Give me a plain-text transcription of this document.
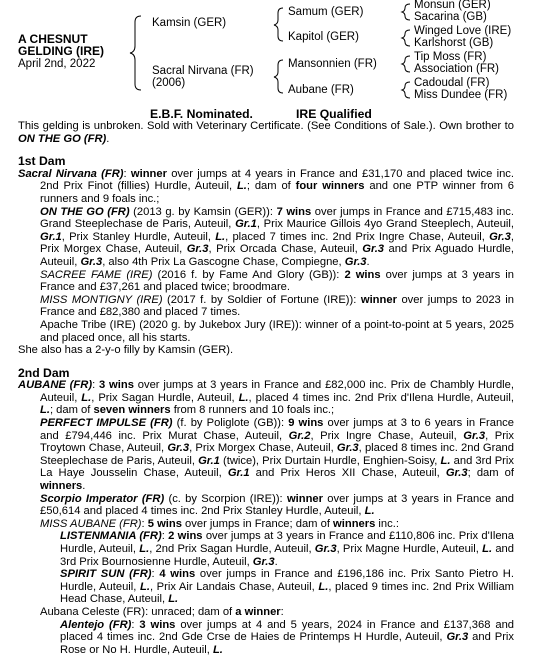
A CHESNUT
GELDING (IRE)
April 2nd, 2022
Kamsin (GER)
Sacral Nirvana (FR)
(2006)
Samum (GER)
Kapitol (GER)
Mansonnien (FR)
Aubane (FR)
Monsun (GER)
Sacarina (GB)
Winged Love (IRE)
Karlshorst (GB)
Tip Moss (FR)
Association (FR)
Cadoudal (FR)
Miss Dundee (FR)
E.B.F. Nominated.	IRE Qualified

This gelding is unbroken. Sold with Veterinary Certificate. (See Conditions of Sale.). Own brother to ON THE GO (FR).

1st Dam

Sacral Nirvana (FR): winner over jumps at 4 years in France and £31,170 and placed twice inc. 2nd Prix Finot (fillies) Hurdle, Auteuil, L.; dam of four winners and one PTP winner from 6 runners and 9 foals inc.;

ON THE GO (FR) (2013 g. by Kamsin (GER)): 7 wins over jumps in France and £715,483 inc. Grand Steeplechase de Paris, Auteuil, Gr.1, Prix Maurice Gillois 4yo Grand Steeplech, Auteuil, Gr.1, Prix Stanley Hurdle, Auteuil, L., placed 7 times inc. 2nd Prix Ingre Chase, Auteuil, Gr.3, Prix Morgex Chase, Auteuil, Gr.3, Prix Orcada Chase, Auteuil, Gr.3 and Prix Aguado Hurdle, Auteuil, Gr.3, also 4th Prix La Gascogne Chase, Compiegne, Gr.3.

SACREE FAME (IRE) (2016 f. by Fame And Glory (GB)): 2 wins over jumps at 3 years in France and £37,261 and placed twice; broodmare.

MISS MONTIGNY (IRE) (2017 f. by Soldier of Fortune (IRE)): winner over jumps to 2023 in France and £82,380 and placed 7 times.

Apache Tribe (IRE) (2020 g. by Jukebox Jury (IRE)): winner of a point-to-point at 5 years, 2025 and placed once, all his starts.

She also has a 2-y-o filly by Kamsin (GER).

2nd Dam

AUBANE (FR): 3 wins over jumps at 3 years in France and £82,000 inc. Prix de Chambly Hurdle, Auteuil, L., Prix Sagan Hurdle, Auteuil, L., placed 4 times inc. 2nd Prix d'Ilena Hurdle, Auteuil, L.; dam of seven winners from 8 runners and 10 foals inc.;

PERFECT IMPULSE (FR) (f. by Poliglote (GB)): 9 wins over jumps at 3 to 6 years in France and £794,446 inc. Prix Murat Chase, Auteuil, Gr.2, Prix Ingre Chase, Auteuil, Gr.3, Prix Troytown Chase, Auteuil, Gr.3, Prix Morgex Chase, Auteuil, Gr.3, placed 8 times inc. 2nd Grand Steeplechase de Paris, Auteuil, Gr.1 (twice), Prix Durtain Hurdle, Enghien-Soisy, L. and 3rd Prix La Haye Jousselin Chase, Auteuil, Gr.1 and Prix Heros XII Chase, Auteuil, Gr.3; dam of winners.

Scorpio Imperator (FR) (c. by Scorpion (IRE)): winner over jumps at 3 years in France and £50,614 and placed 4 times inc. 2nd Prix Stanley Hurdle, Auteuil, L.

MISS AUBANE (FR): 5 wins over jumps in France; dam of winners inc.:

LISTENMANIA (FR): 2 wins over jumps at 3 years in France and £110,806 inc. Prix d'Ilena Hurdle, Auteuil, L., 2nd Prix Sagan Hurdle, Auteuil, Gr.3, Prix Magne Hurdle, Auteuil, L. and 3rd Prix Bournosienne Hurdle, Auteuil, Gr.3.

SPIRIT SUN (FR): 4 wins over jumps in France and £196,186 inc. Prix Santo Pietro H. Hurdle, Auteuil, L., Prix Air Landais Chase, Auteuil, L., placed 9 times inc. 2nd Prix William Head Chase, Auteuil, L.

Aubana Celeste (FR): unraced; dam of a winner:

Alentejo (FR): 3 wins over jumps at 4 and 5 years, 2024 in France and £137,368 and placed 4 times inc. 2nd Gde Crse de Haies de Printemps H Hurdle, Auteuil, Gr.3 and Prix Rose or No H. Hurdle, Auteuil, L.
